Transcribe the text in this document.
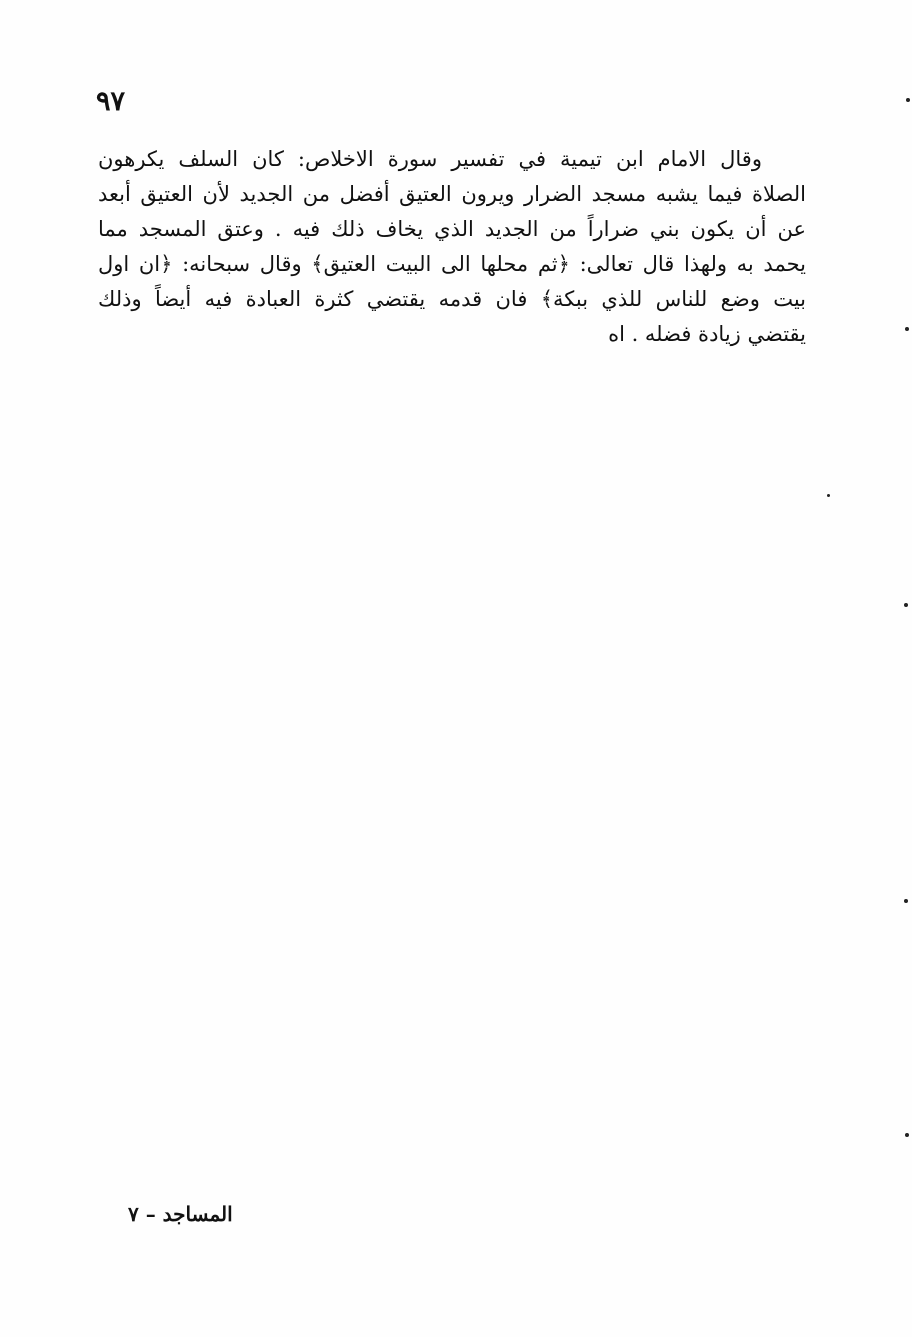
٩٧
وقال الامام ابن تيمية في تفسير سورة الاخلاص: كان السلف يكرهون
الصلاة فيما يشبه مسجد الضرار ويرون العتيق أفضل من الجديد لأن العتيق أبعد
عن أن يكون بني ضراراً من الجديد الذي يخاف ذلك فيه . وعتق المسجد مما
يحمد به ولهذا قال تعالى: ﴿ثم محلها الى البيت العتيق﴾ وقال سبحانه: ﴿ان اول
بيت وضع للناس للذي ببكة﴾ فان قدمه يقتضي كثرة العبادة فيه أيضاً وذلك
يقتضي زيادة فضله . اه
المساجد – ٧
